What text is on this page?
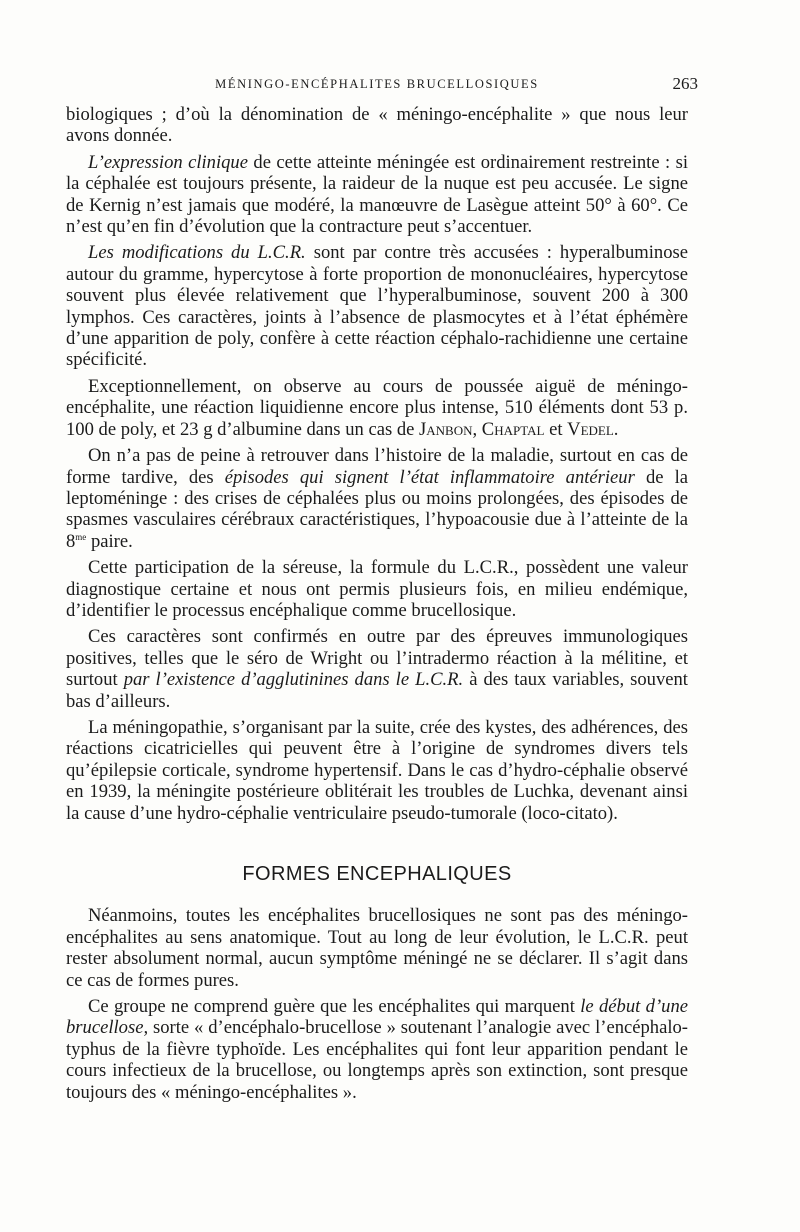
MÉNINGO-ENCÉPHALITES BRUCELLOSIQUES	263

biologiques ; d’où la dénomination de « méningo-encéphalite » que nous leur avons donnée.

L’expression clinique de cette atteinte méningée est ordinairement restreinte : si la céphalée est toujours présente, la raideur de la nuque est peu accusée. Le signe de Kernig n’est jamais que modéré, la manœuvre de Lasègue atteint 50° à 60°. Ce n’est qu’en fin d’évolution que la contracture peut s’accentuer.

Les modifications du L.C.R. sont par contre très accusées : hyperalbuminose autour du gramme, hypercytose à forte proportion de mononucléaires, hypercytose souvent plus élevée relativement que l’hyperalbuminose, souvent 200 à 300 lymphos. Ces caractères, joints à l’absence de plasmocytes et à l’état éphémère d’une apparition de poly, confère à cette réaction céphalo-rachidienne une certaine spécificité.

Exceptionnellement, on observe au cours de poussée aiguë de méningo-encéphalite, une réaction liquidienne encore plus intense, 510 éléments dont 53 p. 100 de poly, et 23 g d’albumine dans un cas de Janbon, Chaptal et Vedel.

On n’a pas de peine à retrouver dans l’histoire de la maladie, surtout en cas de forme tardive, des épisodes qui signent l’état inflammatoire antérieur de la leptoméninge : des crises de céphalées plus ou moins prolongées, des épisodes de spasmes vasculaires cérébraux caractéristiques, l’hypoacousie due à l’atteinte de la $8^{me}$ paire.

Cette participation de la séreuse, la formule du L.C.R., possèdent une valeur diagnostique certaine et nous ont permis plusieurs fois, en milieu endémique, d’identifier le processus encéphalique comme brucellosique.

Ces caractères sont confirmés en outre par des épreuves immunologiques positives, telles que le séro de Wright ou l’intradermo réaction à la mélitine, et surtout par l’existence d’agglutinines dans le L.C.R. à des taux variables, souvent bas d’ailleurs.

La méningopathie, s’organisant par la suite, crée des kystes, des adhérences, des réactions cicatricielles qui peuvent être à l’origine de syndromes divers tels qu’épilepsie corticale, syndrome hypertensif. Dans le cas d’hydro-céphalie observé en 1939, la méningite postérieure oblitérait les troubles de Luchka, devenant ainsi la cause d’une hydro-céphalie ventriculaire pseudo-tumorale (loco-citato).

FORMES ENCEPHALIQUES

Néanmoins, toutes les encéphalites brucellosiques ne sont pas des méningo-encéphalites au sens anatomique. Tout au long de leur évolution, le L.C.R. peut rester absolument normal, aucun symptôme méningé ne se déclarer. Il s’agit dans ce cas de formes pures.

Ce groupe ne comprend guère que les encéphalites qui marquent le début d’une brucellose, sorte « d’encéphalo-brucellose » soutenant l’analogie avec l’encéphalo-typhus de la fièvre typhoïde. Les encéphalites qui font leur apparition pendant le cours infectieux de la brucellose, ou longtemps après son extinction, sont presque toujours des « méningo-encéphalites ».
